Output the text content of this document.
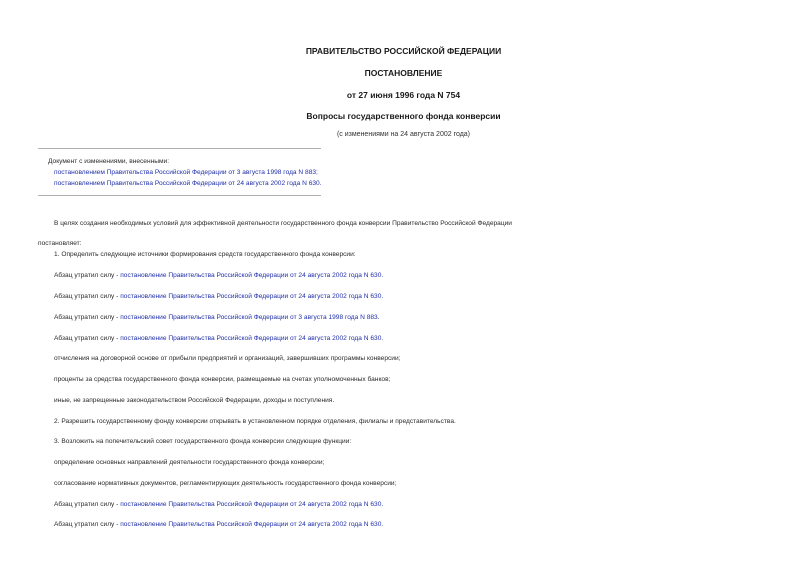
ПРАВИТЕЛЬСТВО РОССИЙСКОЙ ФЕДЕРАЦИИ
ПОСТАНОВЛЕНИЕ
от 27 июня 1996 года N 754
Вопросы государственного фонда конверсии
(с изменениями на 24 августа 2002 года)
Документ с изменениями, внесенными:
постановлением Правительства Российской Федерации от 3 августа 1998 года N 883;
постановлением Правительства Российской Федерации от 24 августа 2002 года N 630.
В целях создания необходимых условий для эффективной деятельности государственного фонда конверсии Правительство Российской Федерации
постановляет:
1. Определить следующие источники формирования средств государственного фонда конверсии:
Абзац утратил силу - постановление Правительства Российской Федерации от 24 августа 2002 года N 630.
Абзац утратил силу - постановление Правительства Российской Федерации от 24 августа 2002 года N 630.
Абзац утратил силу - постановление Правительства Российской Федерации от 3 августа 1998 года N 883.
Абзац утратил силу - постановление Правительства Российской Федерации от 24 августа 2002 года N 630.
отчисления на договорной основе от прибыли предприятий и организаций, завершивших программы конверсии;
проценты за средства государственного фонда конверсии, размещаемые на счетах уполномоченных банков;
иные, не запрещенные законодательством Российской Федерации, доходы и поступления.
2. Разрешить государственному фонду конверсии открывать в установленном порядке отделения, филиалы и представительства.
3. Возложить на попечительский совет государственного фонда конверсии следующие функции:
определение основных направлений деятельности государственного фонда конверсии;
согласование нормативных документов, регламентирующих деятельность государственного фонда конверсии;
Абзац утратил силу - постановление Правительства Российской Федерации от 24 августа 2002 года N 630.
Абзац утратил силу - постановление Правительства Российской Федерации от 24 августа 2002 года N 630.
